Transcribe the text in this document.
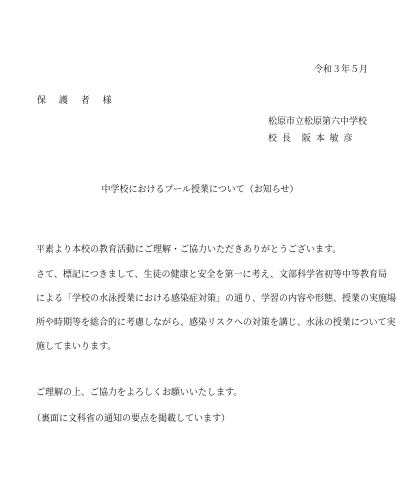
令和３年５月
保 護 者 様
松原市立松原第六中学校
校 長　阪 本 敏 彦
中学校におけるプール授業について（お知らせ）
平素より本校の教育活動にご理解・ご協力いただきありがとうございます。
さて、標記につきまして、生徒の健康と安全を第一に考え、文部科学省初等中等教育局
による「学校の水泳授業における感染症対策」の通り、学習の内容や形態、授業の実施場
所や時期等を総合的に考慮しながら、感染リスクへの対策を講じ、水泳の授業について実
施してまいります。
ご理解の上、ご協力をよろしくお願いいたします。
（裏面に文科省の通知の要点を掲載しています）
